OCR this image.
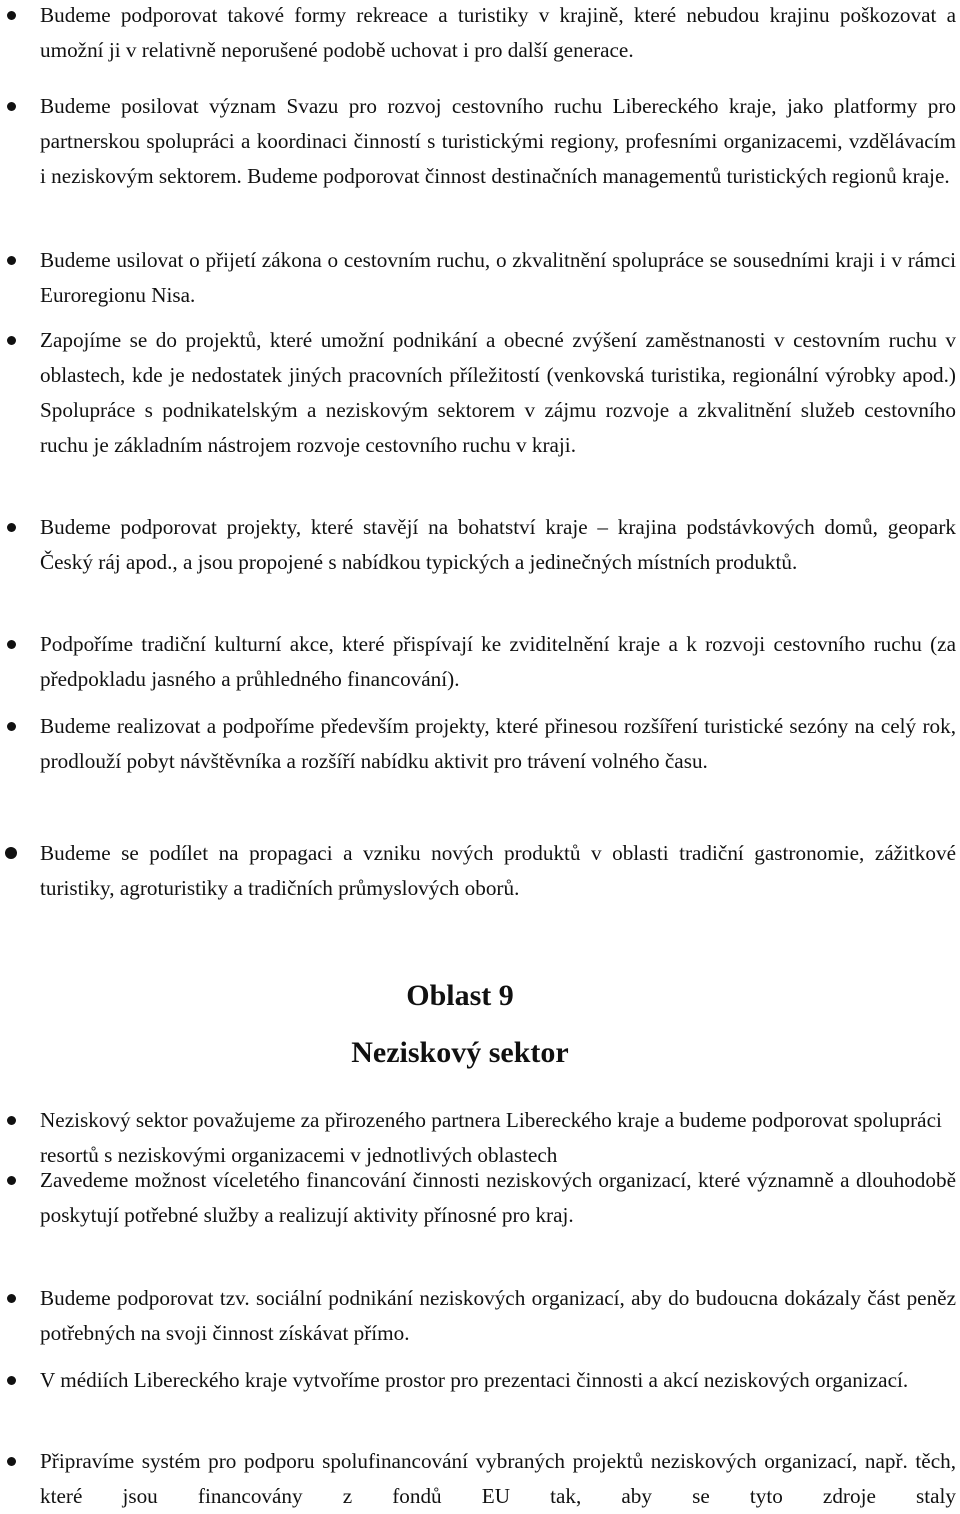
Budeme podporovat takové formy rekreace a turistiky v krajině, které nebudou krajinu poškozovat a umožní ji v relativně neporušené podobě uchovat i pro další generace.
Budeme posilovat význam Svazu pro rozvoj cestovního ruchu Libereckého kraje, jako platformy pro partnerskou spolupráci a koordinaci činností s turistickými regiony, profesními organizacemi, vzdělávacím i neziskovým sektorem. Budeme podporovat činnost destinačních managementů turistických regionů kraje.
Budeme usilovat o přijetí zákona o cestovním ruchu, o zkvalitnění spolupráce se sousedními kraji i v rámci Euroregionu Nisa.
Zapojíme se do projektů, které umožní podnikání a obecné zvýšení zaměstnanosti v cestovním ruchu v oblastech, kde je nedostatek jiných pracovních příležitostí (venkovská turistika, regionální výrobky apod.) Spolupráce s podnikatelským a neziskovým sektorem v zájmu rozvoje a zkvalitnění služeb cestovního ruchu je základním nástrojem rozvoje cestovního ruchu v kraji.
Budeme podporovat projekty, které stavějí na bohatství kraje – krajina podstávkových domů, geopark Český ráj apod., a jsou propojené s nabídkou typických a jedinečných místních produktů.
Podpoříme tradiční kulturní akce, které přispívají ke zviditelnění kraje a k rozvoji cestovního ruchu (za předpokladu jasného a průhledného financování).
Budeme realizovat a podpoříme především projekty, které přinesou rozšíření turistické sezóny na celý rok, prodlouží pobyt návštěvníka a rozšíří nabídku aktivit pro trávení volného času.
Budeme se podílet na propagaci a vzniku nových produktů v oblasti tradiční gastronomie, zážitkové turistiky, agroturistiky a tradičních průmyslových oborů.
Oblast 9
Neziskový sektor
Neziskový sektor považujeme za přirozeného partnera Libereckého kraje a budeme podporovat spolupráci resortů s neziskovými organizacemi v jednotlivých oblastech
Zavedeme možnost víceletého financování činnosti neziskových organizací, které významně a dlouhodobě poskytují potřebné služby a realizují aktivity přínosné pro kraj.
Budeme podporovat tzv. sociální podnikání neziskových organizací, aby do budoucna dokázaly část peněz potřebných na svoji činnost získávat přímo.
V médiích Libereckého kraje vytvoříme prostor pro prezentaci činnosti a akcí neziskových organizací.
Připravíme systém pro podporu spolufinancování vybraných projektů neziskových organizací, např. těch, které jsou financovány z fondů EU tak, aby se tyto zdroje staly
